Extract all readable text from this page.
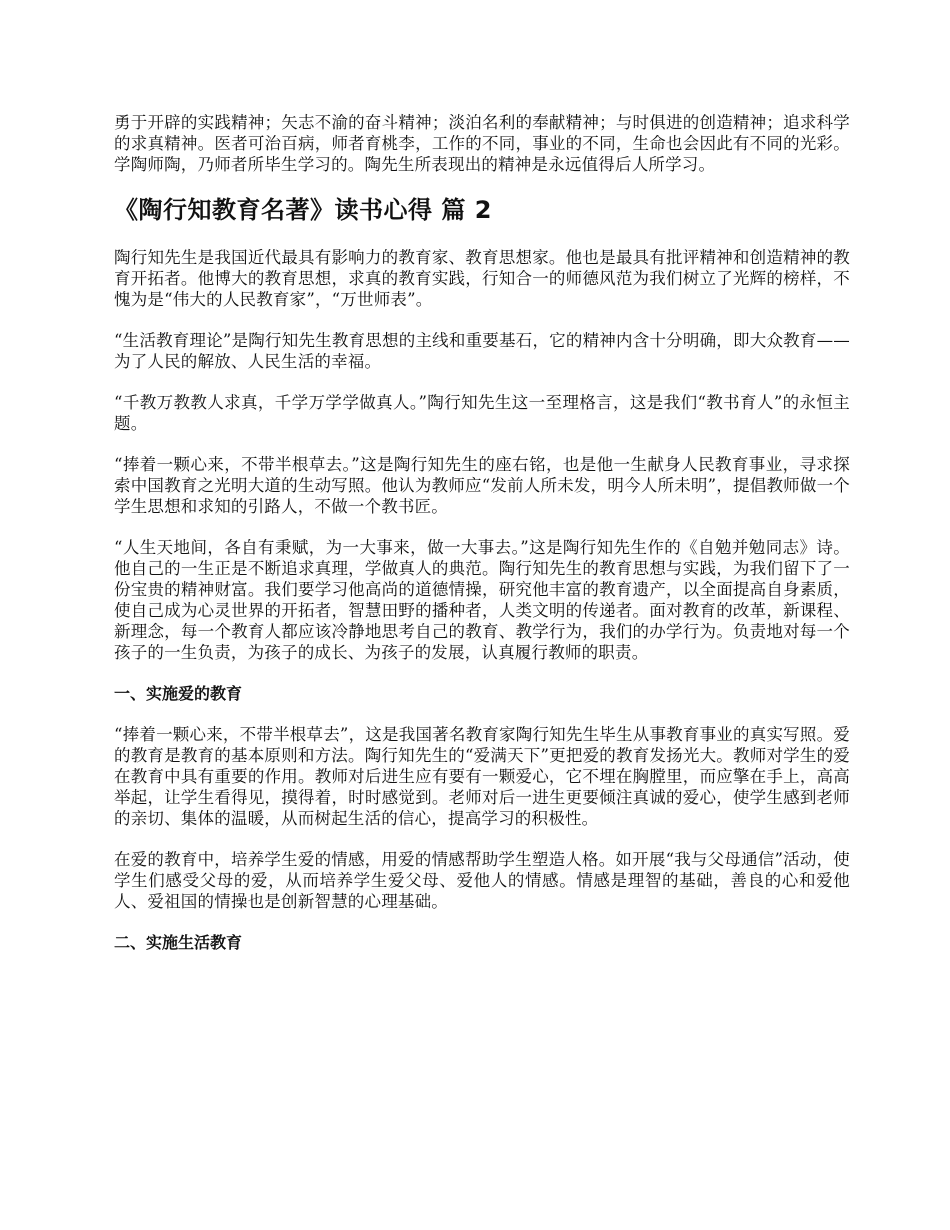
勇于开辟的实践精神；矢志不渝的奋斗精神；淡泊名利的奉献精神；与时俱进的创造精神；追求科学的求真精神。医者可治百病，师者育桃李，工作的不同，事业的不同，生命也会因此有不同的光彩。学陶师陶，乃师者所毕生学习的。陶先生所表现出的精神是永远值得后人所学习。

《陶行知教育名著》读书心得 篇 2

陶行知先生是我国近代最具有影响力的教育家、教育思想家。他也是最具有批评精神和创造精神的教育开拓者。他博大的教育思想，求真的教育实践，行知合一的师德风范为我们树立了光辉的榜样，不愧为是“伟大的人民教育家”，“万世师表”。

“生活教育理论”是陶行知先生教育思想的主线和重要基石，它的精神内含十分明确，即大众教育——为了人民的解放、人民生活的幸福。

“千教万教教人求真，千学万学学做真人。”陶行知先生这一至理格言，这是我们“教书育人”的永恒主题。

“捧着一颗心来，不带半根草去。”这是陶行知先生的座右铭，也是他一生献身人民教育事业，寻求探索中国教育之光明大道的生动写照。他认为教师应“发前人所未发，明今人所未明”，提倡教师做一个学生思想和求知的引路人，不做一个教书匠。

“人生天地间，各自有秉赋，为一大事来，做一大事去。”这是陶行知先生作的《自勉并勉同志》诗。他自己的一生正是不断追求真理，学做真人的典范。陶行知先生的教育思想与实践，为我们留下了一份宝贵的精神财富。我们要学习他高尚的道德情操，研究他丰富的教育遗产，以全面提高自身素质，使自己成为心灵世界的开拓者，智慧田野的播种者，人类文明的传递者。面对教育的改革，新课程、新理念，每一个教育人都应该冷静地思考自己的教育、教学行为，我们的办学行为。负责地对每一个孩子的一生负责，为孩子的成长、为孩子的发展，认真履行教师的职责。

一、实施爱的教育

“捧着一颗心来，不带半根草去”，这是我国著名教育家陶行知先生毕生从事教育事业的真实写照。爱的教育是教育的基本原则和方法。陶行知先生的“爱满天下”更把爱的教育发扬光大。教师对学生的爱在教育中具有重要的作用。教师对后进生应有要有一颗爱心，它不埋在胸膛里，而应擎在手上，高高举起，让学生看得见，摸得着，时时感觉到。老师对后一进生更要倾注真诚的爱心，使学生感到老师的亲切、集体的温暖，从而树起生活的信心，提高学习的积极性。

在爱的教育中，培养学生爱的情感，用爱的情感帮助学生塑造人格。如开展“我与父母通信”活动，使学生们感受父母的爱，从而培养学生爱父母、爱他人的情感。情感是理智的基础，善良的心和爱他人、爱祖国的情操也是创新智慧的心理基础。

二、实施生活教育
